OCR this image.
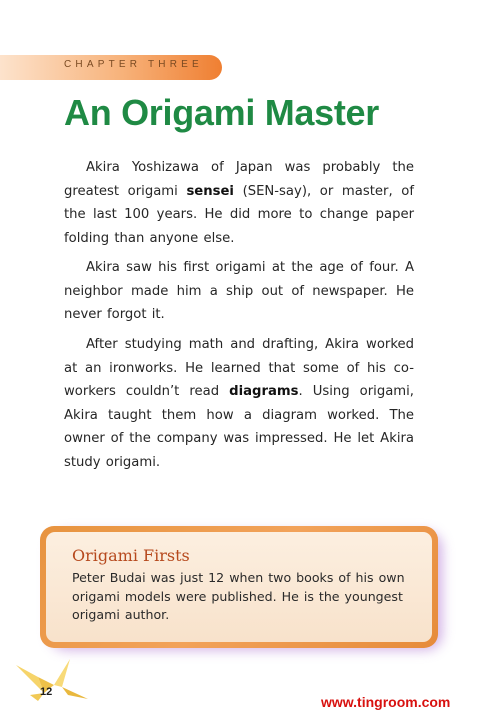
CHAPTER THREE
An Origami Master

Akira Yoshizawa of Japan was probably the greatest origami sensei (SEN-say), or master, of the last 100 years. He did more to change paper folding than anyone else.

Akira saw his first origami at the age of four. A neighbor made him a ship out of newspaper. He never forgot it.

After studying math and drafting, Akira worked at an ironworks. He learned that some of his co-workers couldn’t read diagrams. Using origami, Akira taught them how a diagram worked. The owner of the company was impressed. He let Akira study origami.

Origami Firsts

Peter Budai was just 12 when two books of his own origami models were published. He is the youngest origami author.

12
www.tingroom.com
